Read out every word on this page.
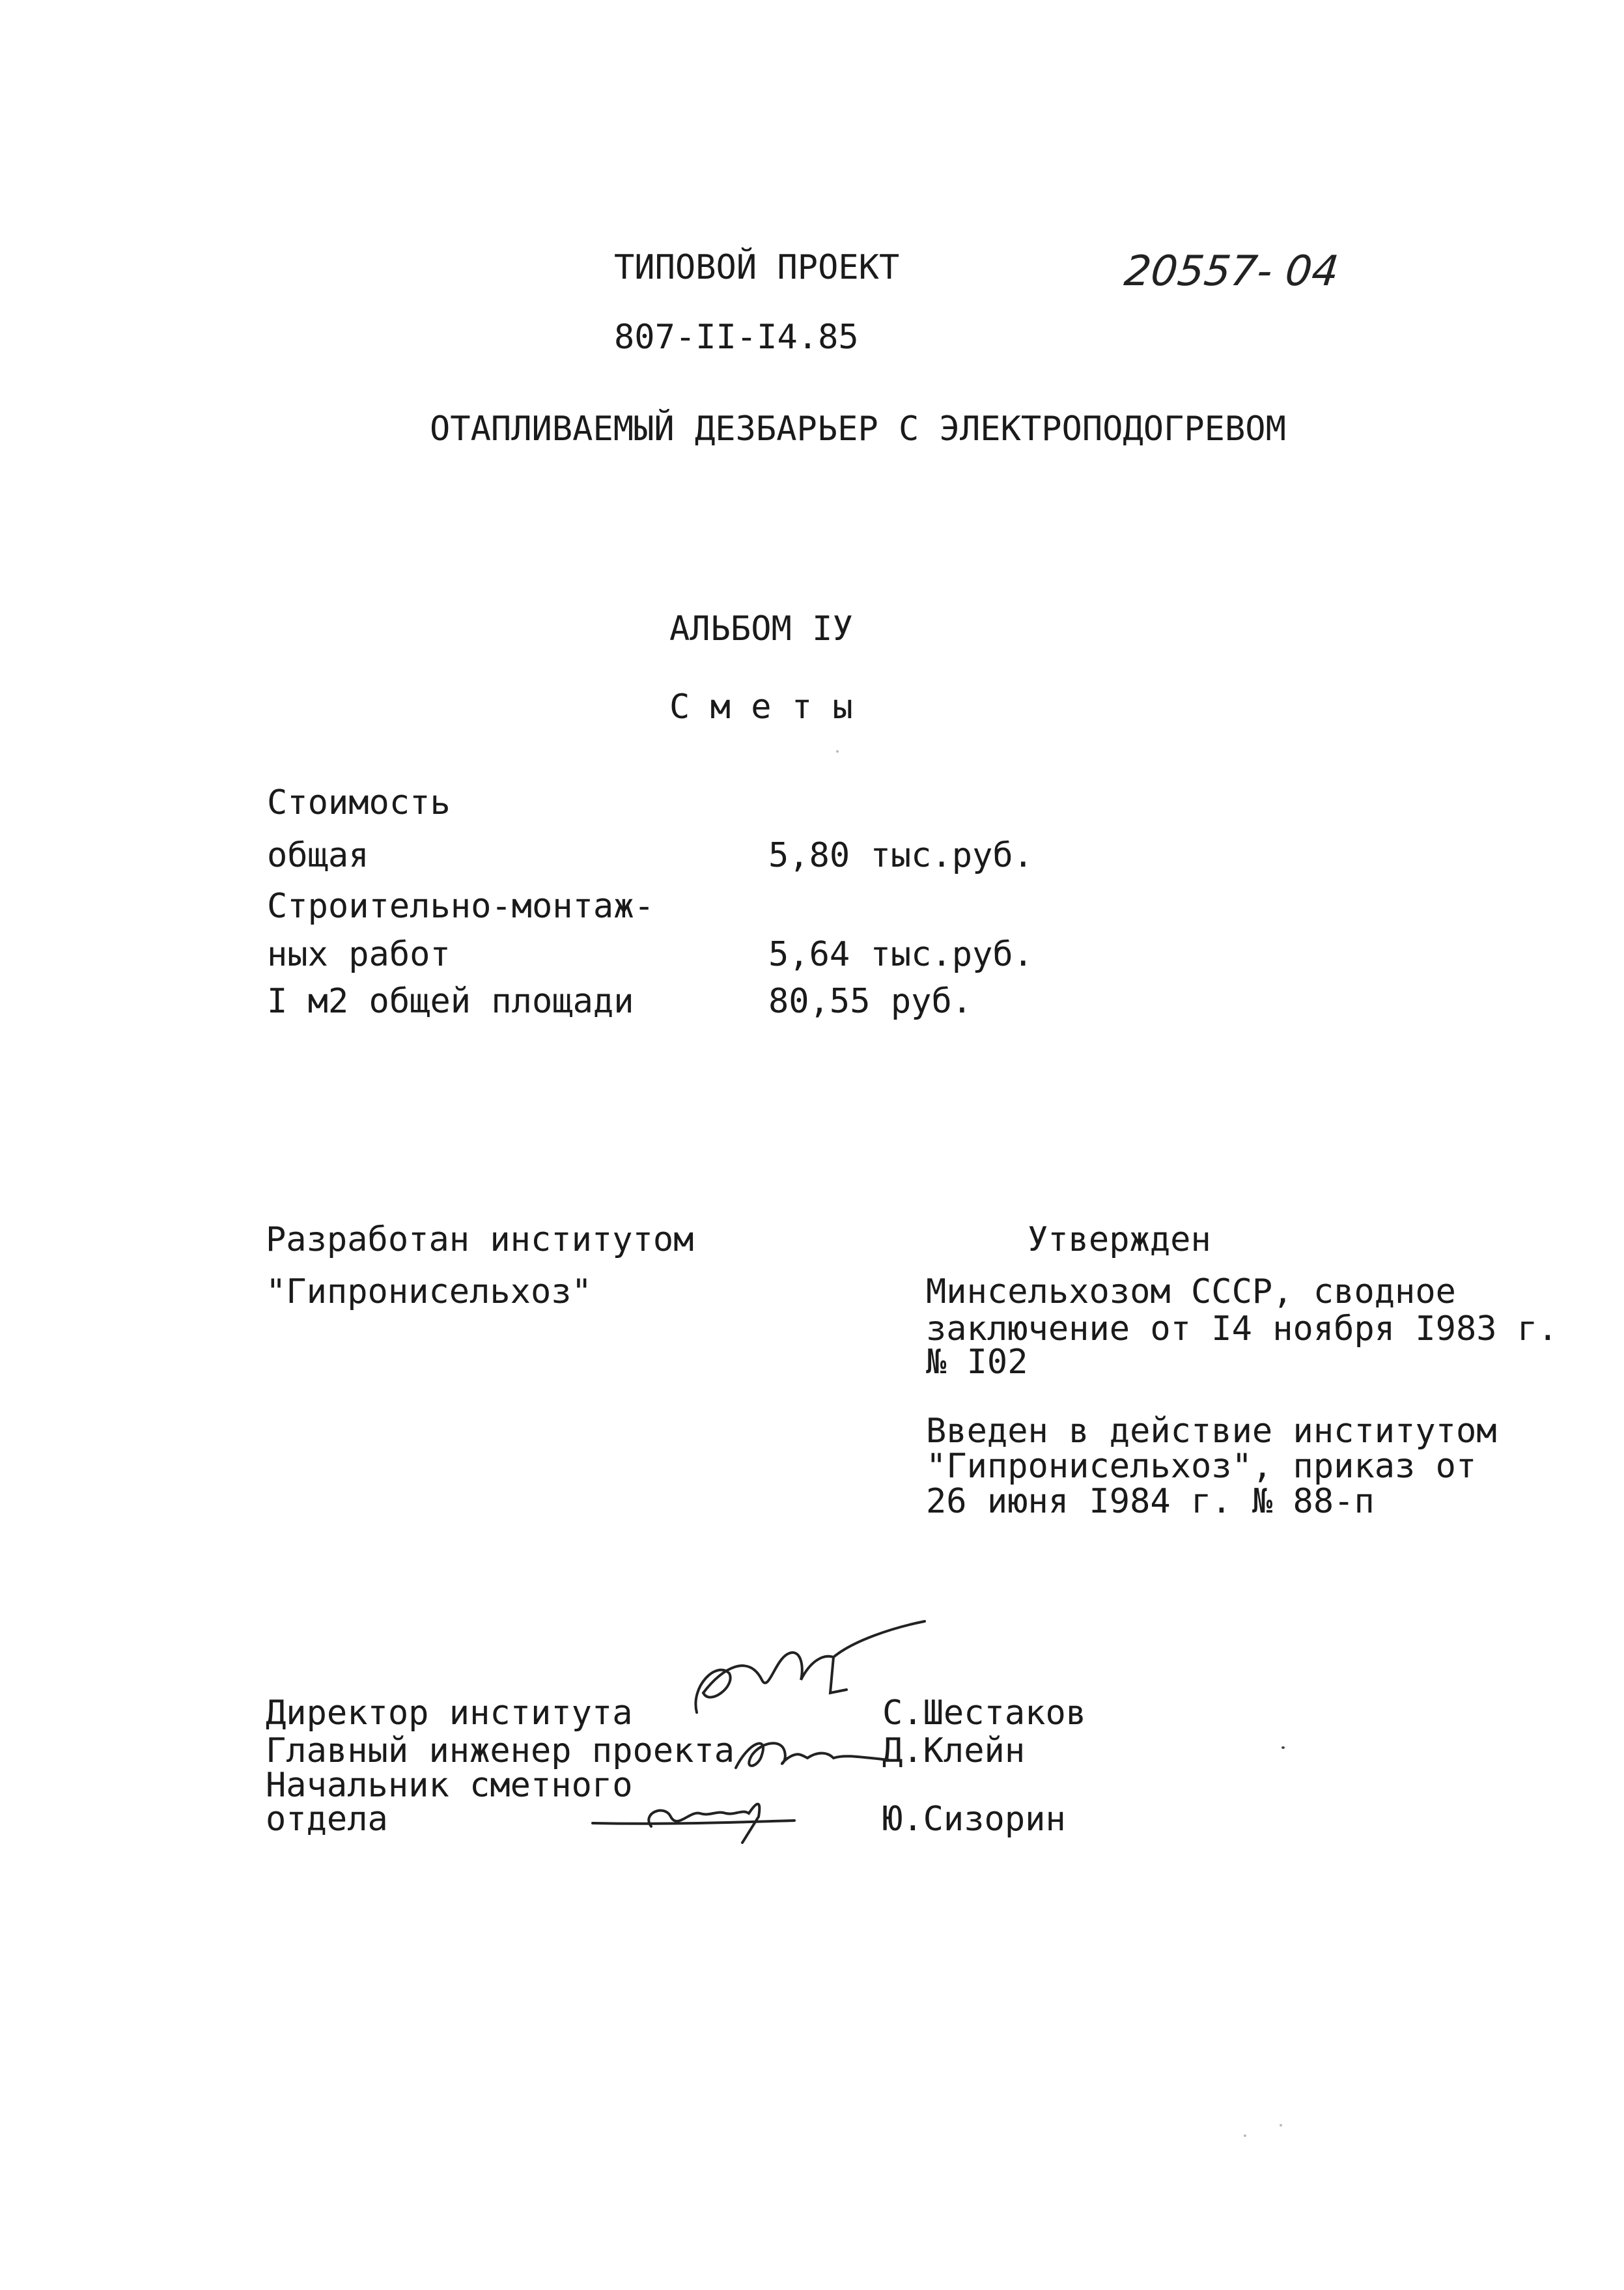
ТИПОВОЙ ПРОЕКТ	20557- 04
807-II-I4.85
ОТАПЛИВАЕМЫЙ ДЕЗБАРЬЕР С ЭЛЕКТРОПОДОГРЕВОМ
АЛЬБОМ IУ
С м е т ы
Стоимость
общая	5,80 тыс.руб.
Строительно-монтаж-
ных работ	5,64 тыс.руб.
I м2 общей площади	80,55 руб.
Разработан институтом
"Гипронисельхоз"
Утвержден
Минсельхозом СССР, сводное
заключение от I4 ноября I983 г.
№ I02
Введен в действие институтом
"Гипронисельхоз", приказ от
26 июня I984 г. № 88-п
Директор института	С.Шестаков
Главный инженер проекта	Д.Клейн
Начальник сметного
отдела	Ю.Сизорин
